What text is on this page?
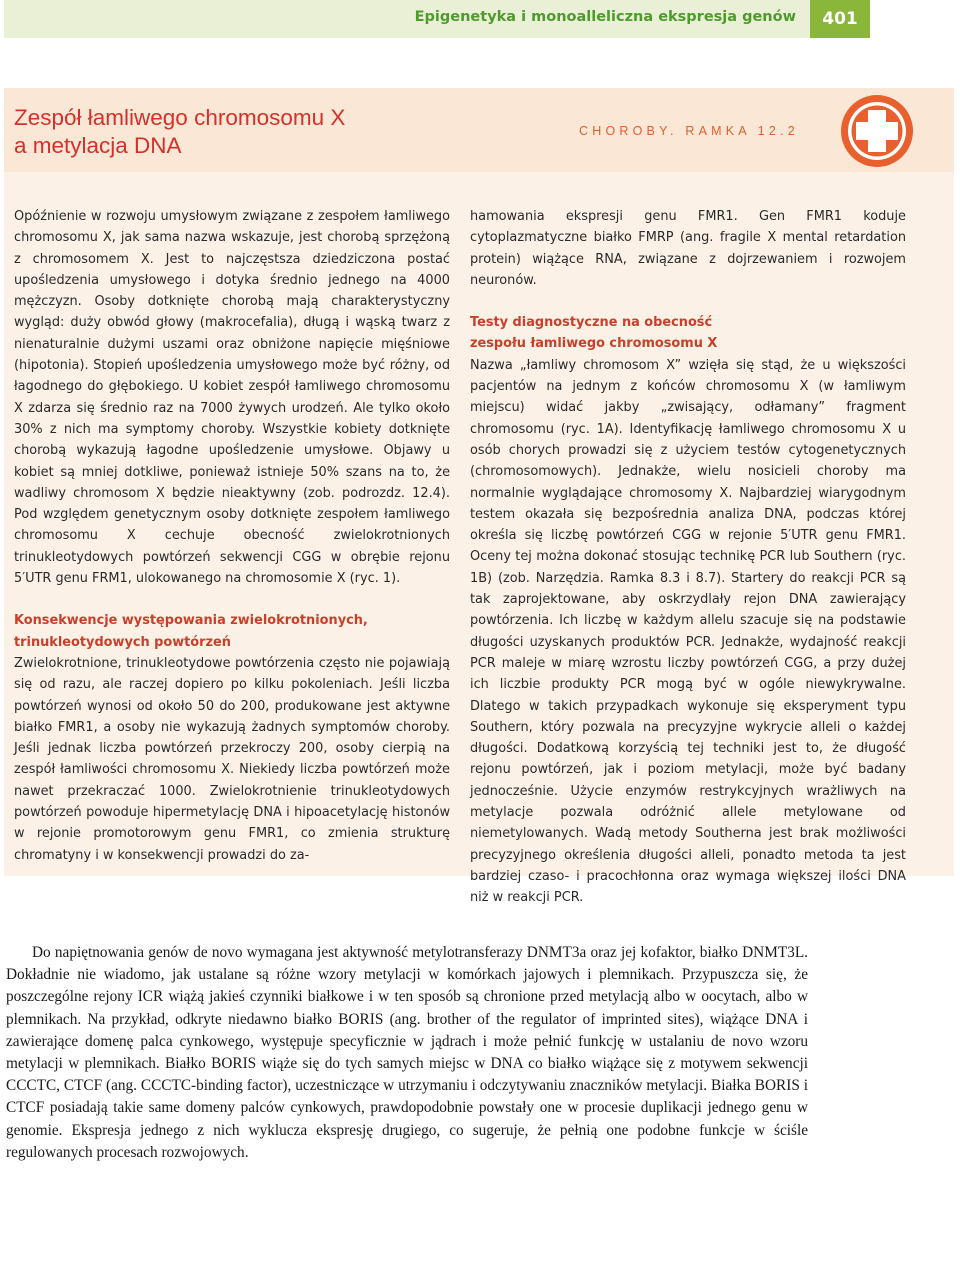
Epigenetyka i monoalleliczna ekspresja genów	401
Zespół łamliwego chromosomu X
a metylacja DNA
CHOROBY. RAMKA 12.2

Opóźnienie w rozwoju umysłowym związane z zespołem łamliwego chromosomu X, jak sama nazwa wskazuje, jest chorobą sprzężoną z chromosomem X. Jest to najczęstsza dziedziczona postać upośledzenia umysłowego i dotyka średnio jednego na 4000 mężczyzn. Osoby dotknięte chorobą mają charakterystyczny wygląd: duży obwód głowy (makrocefalia), długą i wąską twarz z nienaturalnie dużymi uszami oraz obniżone napięcie mięśniowe (hipotonia). Stopień upośledzenia umysłowego może być różny, od łagodnego do głębokiego. U kobiet zespół łamliwego chromosomu X zdarza się średnio raz na 7000 żywych urodzeń. Ale tylko około 30% z nich ma symptomy choroby. Wszystkie kobiety dotknięte chorobą wykazują łagodne upośledzenie umysłowe. Objawy u kobiet są mniej dotkliwe, ponieważ istnieje 50% szans na to, że wadliwy chromosom X będzie nieaktywny (zob. podrozdz. 12.4). Pod względem genetycznym osoby dotknięte zespołem łamliwego chromosomu X cechuje obecność zwielokrotnionych trinukleotydowych powtórzeń sekwencji CGG w obrębie rejonu 5′UTR genu FRM1, ulokowanego na chromosomie X (ryc. 1).

Konsekwencje występowania zwielokrotnionych,
trinukleotydowych powtórzeń

Zwielokrotnione, trinukleotydowe powtórzenia często nie pojawiają się od razu, ale raczej dopiero po kilku pokoleniach. Jeśli liczba powtórzeń wynosi od około 50 do 200, produkowane jest aktywne białko FMR1, a osoby nie wykazują żadnych symptomów choroby. Jeśli jednak liczba powtórzeń przekroczy 200, osoby cierpią na zespół łamliwości chromosomu X. Niekiedy liczba powtórzeń może nawet przekraczać 1000. Zwielokrotnienie trinukleotydowych powtórzeń powoduje hipermetylację DNA i hipoacetylację histonów w rejonie promotorowym genu FMR1, co zmienia strukturę chromatyny i w konsekwencji prowadzi do za-

hamowania ekspresji genu FMR1. Gen FMR1 koduje cytoplazmatyczne białko FMRP (ang. fragile X mental retardation protein) wiążące RNA, związane z dojrzewaniem i rozwojem neuronów.

Testy diagnostyczne na obecność
zespołu łamliwego chromosomu X

Nazwa „łamliwy chromosom X” wzięła się stąd, że u większości pacjentów na jednym z końców chromosomu X (w łamliwym miejscu) widać jakby „zwisający, odłamany” fragment chromosomu (ryc. 1A). Identyfikację łamliwego chromosomu X u osób chorych prowadzi się z użyciem testów cytogenetycznych (chromosomowych). Jednakże, wielu nosicieli choroby ma normalnie wyglądające chromosomy X. Najbardziej wiarygodnym testem okazała się bezpośrednia analiza DNA, podczas której określa się liczbę powtórzeń CGG w rejonie 5′UTR genu FMR1. Oceny tej można dokonać stosując technikę PCR lub Southern (ryc. 1B) (zob. Narzędzia. Ramka 8.3 i 8.7). Startery do reakcji PCR są tak zaprojektowane, aby oskrzydlały rejon DNA zawierający powtórzenia. Ich liczbę w każdym allelu szacuje się na podstawie długości uzyskanych produktów PCR. Jednakże, wydajność reakcji PCR maleje w miarę wzrostu liczby powtórzeń CGG, a przy dużej ich liczbie produkty PCR mogą być w ogóle niewykrywalne. Dlatego w takich przypadkach wykonuje się eksperyment typu Southern, który pozwala na precyzyjne wykrycie alleli o każdej długości. Dodatkową korzyścią tej techniki jest to, że długość rejonu powtórzeń, jak i poziom metylacji, może być badany jednocześnie. Użycie enzymów restrykcyjnych wrażliwych na metylacje pozwala odróżnić allele metylowane od niemetylowanych. Wadą metody Southerna jest brak możliwości precyzyjnego określenia długości alleli, ponadto metoda ta jest bardziej czaso- i pracochłonna oraz wymaga większej ilości DNA niż w reakcji PCR.

Do napiętnowania genów de novo wymagana jest aktywność metylotransferazy DNMT3a oraz jej kofaktor, białko DNMT3L. Dokładnie nie wiadomo, jak ustalane są różne wzory metylacji w komórkach jajowych i plemnikach. Przypuszcza się, że poszczególne rejony ICR wiążą jakieś czynniki białkowe i w ten sposób są chronione przed metylacją albo w oocytach, albo w plemnikach. Na przykład, odkryte niedawno białko BORIS (ang. brother of the regulator of imprinted sites), wiążące DNA i zawierające domenę palca cynkowego, występuje specyficznie w jądrach i może pełnić funkcję w ustalaniu de novo wzoru metylacji w plemnikach. Białko BORIS wiąże się do tych samych miejsc w DNA co białko wiążące się z motywem sekwencji CCCTC, CTCF (ang. CCCTC-binding factor), uczestniczące w utrzymaniu i odczytywaniu znaczników metylacji. Białka BORIS i CTCF posiadają takie same domeny palców cynkowych, prawdopodobnie powstały one w procesie duplikacji jednego genu w genomie. Ekspresja jednego z nich wyklucza ekspresję drugiego, co sugeruje, że pełnią one podobne funkcje w ściśle regulowanych procesach rozwojowych.
